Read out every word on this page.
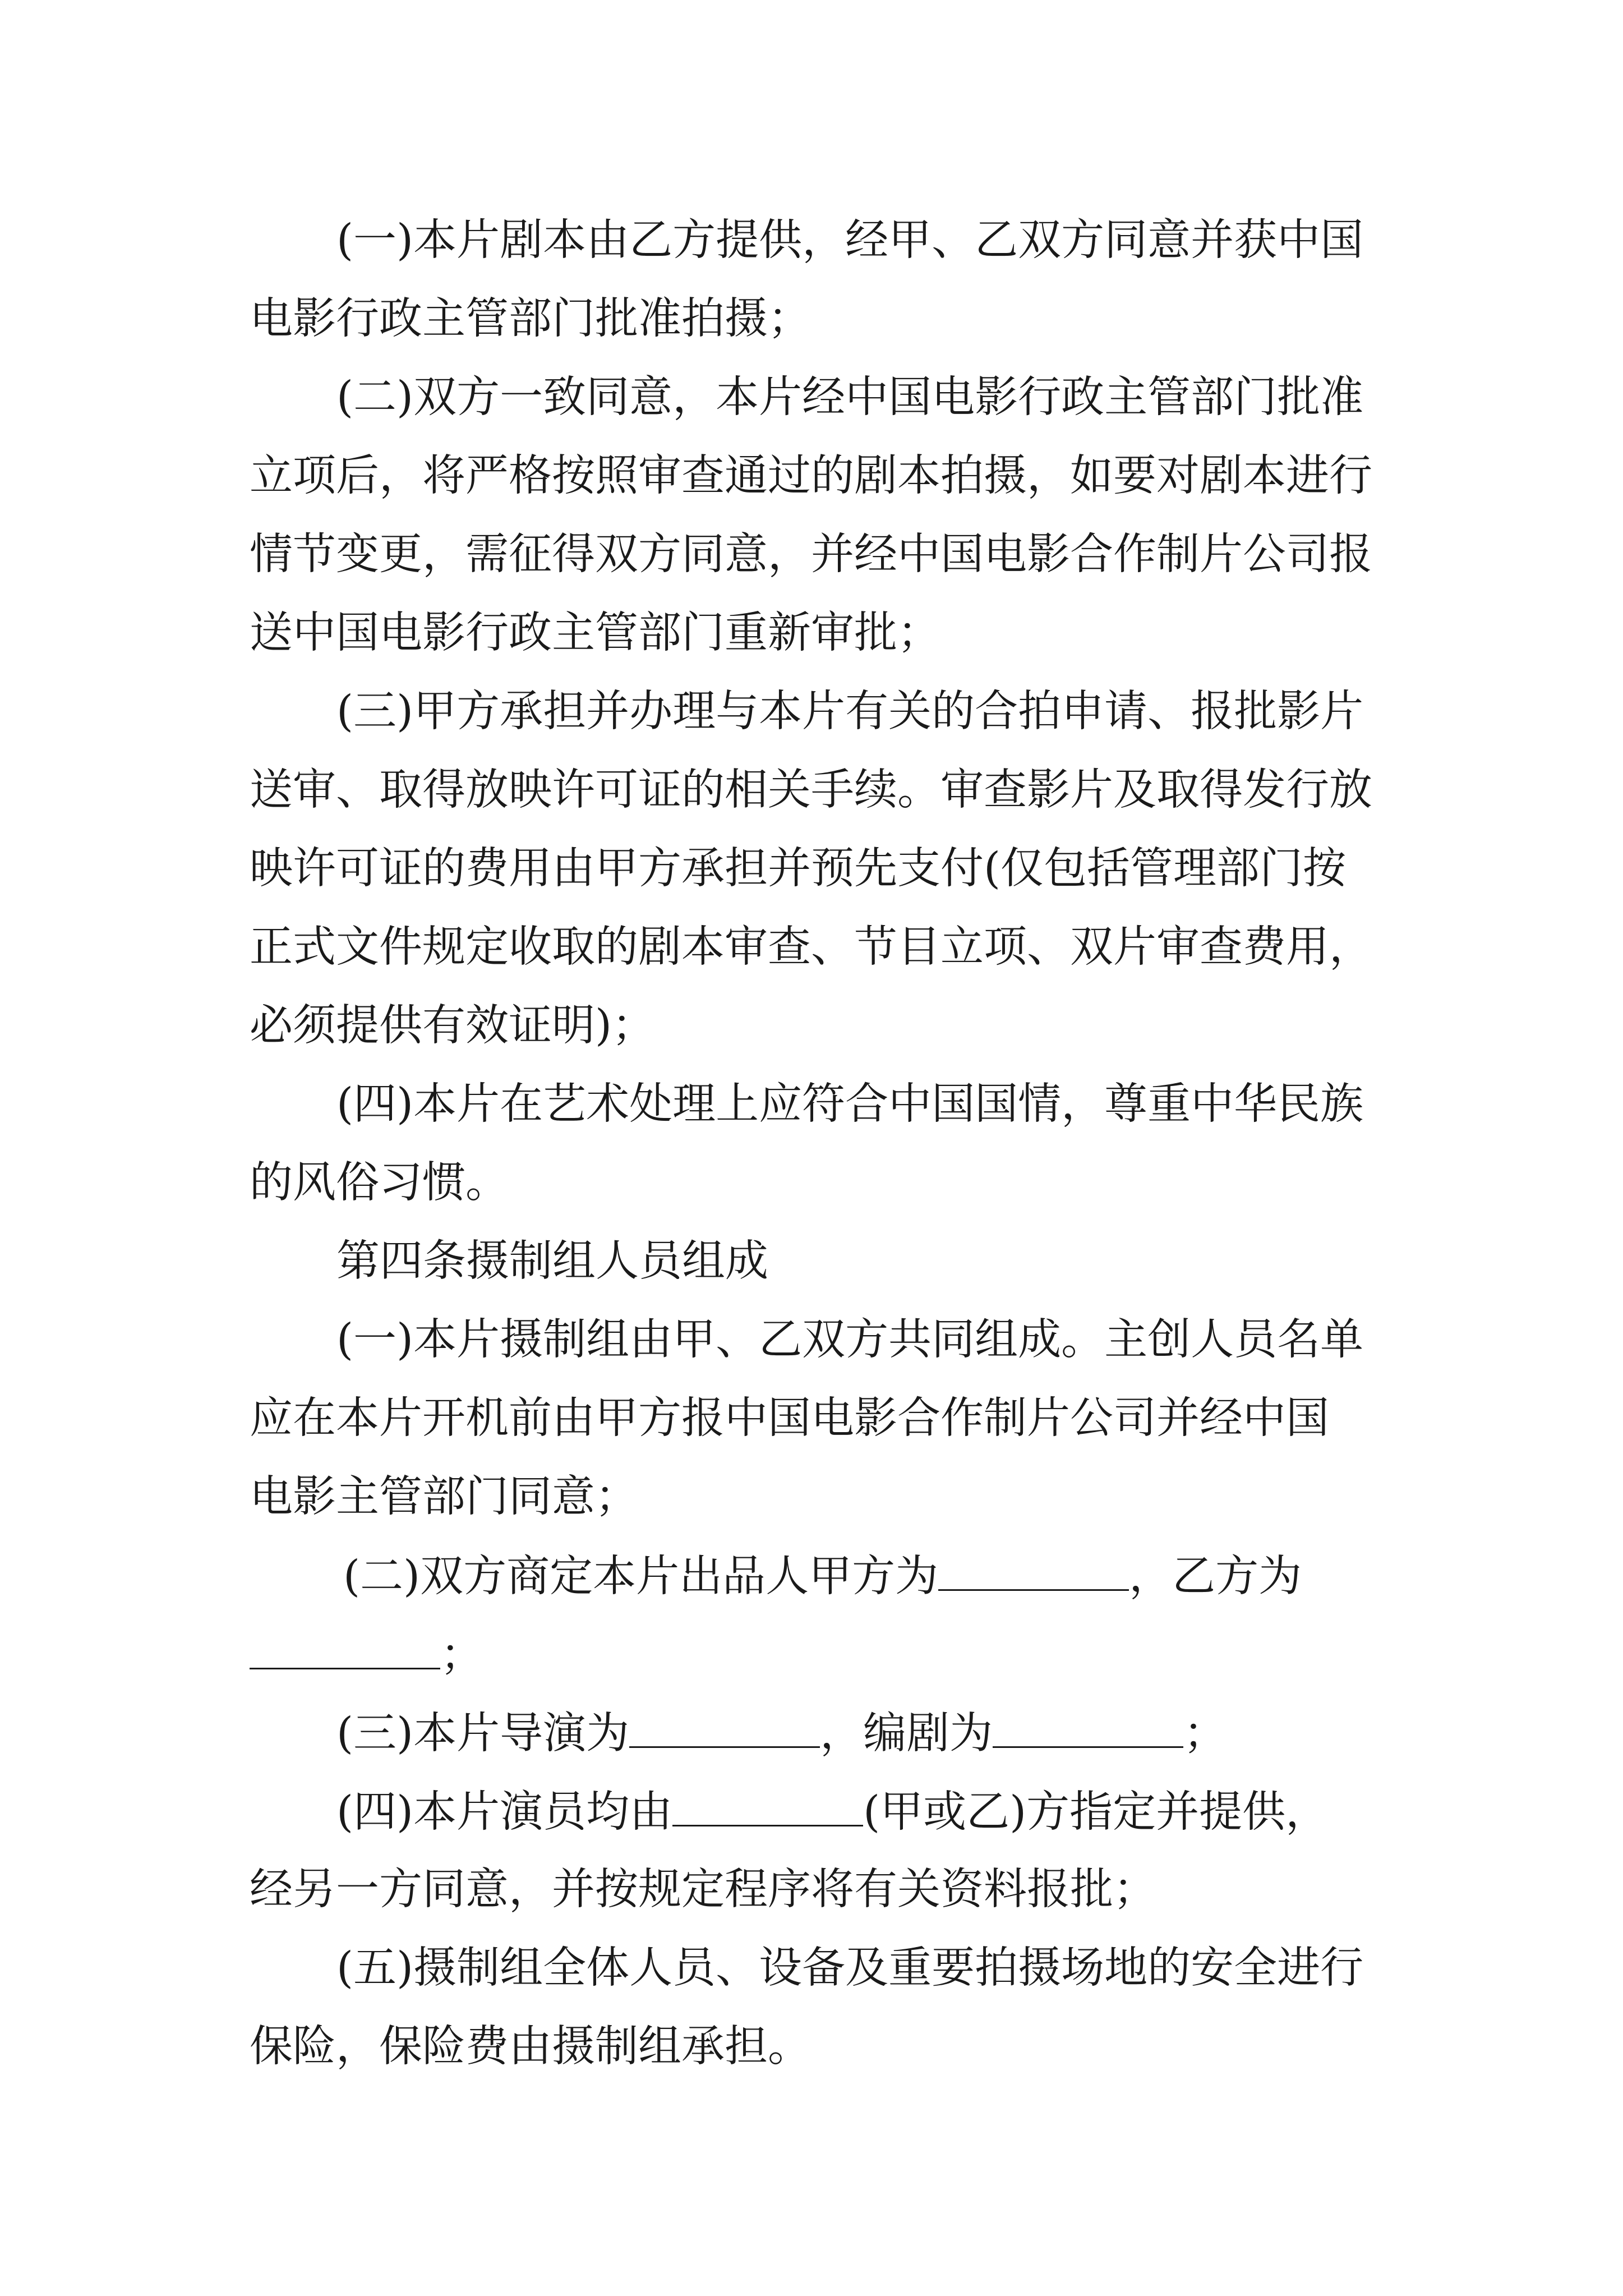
(一)本片剧本由乙方提供，经甲、乙双方同意并获中国

电影行政主管部门批准拍摄；

(二)双方一致同意，本片经中国电影行政主管部门批准

立项后，将严格按照审查通过的剧本拍摄，如要对剧本进行

情节变更，需征得双方同意，并经中国电影合作制片公司报

送中国电影行政主管部门重新审批；

(三)甲方承担并办理与本片有关的合拍申请、报批影片

送审、取得放映许可证的相关手续。审查影片及取得发行放

映许可证的费用由甲方承担并预先支付(仅包括管理部门按

正式文件规定收取的剧本审查、节目立项、双片审查费用，

必须提供有效证明)；

(四)本片在艺术处理上应符合中国国情，尊重中华民族

的风俗习惯。

第四条摄制组人员组成

(一)本片摄制组由甲、乙双方共同组成。主创人员名单

应在本片开机前由甲方报中国电影合作制片公司并经中国

电影主管部门同意；

(二)双方商定本片出品人甲方为	，乙方为

；

(三)本片导演为	，编剧为	；

(四)本片演员均由	(甲或乙)方指定并提供，

经另一方同意，并按规定程序将有关资料报批；

(五)摄制组全体人员、设备及重要拍摄场地的安全进行

保险，保险费由摄制组承担。
